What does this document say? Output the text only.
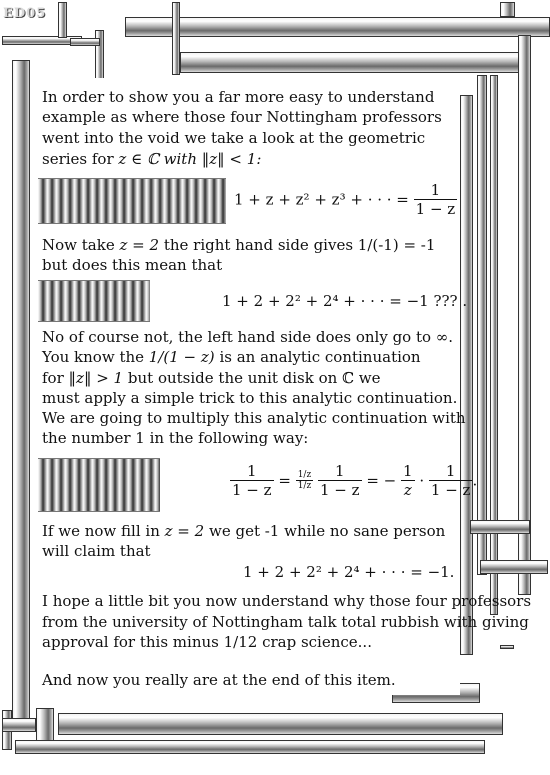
ED05
In order to show you a far more easy to understand
example as where those four Nottingham professors
went into the void we take a look at the geometric
series for z ∈ ℂ with ‖z‖ < 1:
1 + z + z² + z³ + · · · = $\frac{1}{1 - z}$
Now take z = 2 the right hand side gives 1/(-1) = -1
but does this mean that
1 + 2 + 2² + 2⁴ + · · · = −1 ??? .
No of course not, the left hand side does only go to ∞.
You know the 1/(1 − z) is an analytic continuation
for ‖z‖ > 1 but outside the unit disk on ℂ we
must apply a simple trick to this analytic continuation.
We are going to multiply this analytic continuation with
the number 1 in the following way:
$\frac{1}{1 - z} = \frac{1/z}{1/z}$
$\frac{1}{1 - z}$ = − $\frac{1}{z} \cdot \frac{1}{1 - z}$ .
If we now fill in z = 2 we get -1 while no sane person
will claim that
1 + 2 + 2² + 2⁴ + · · · = −1.
I hope a little bit you now understand why those four professors
from the university of Nottingham talk total rubbish with giving
approval for this minus 1/12 crap science...
And now you really are at the end of this item.
